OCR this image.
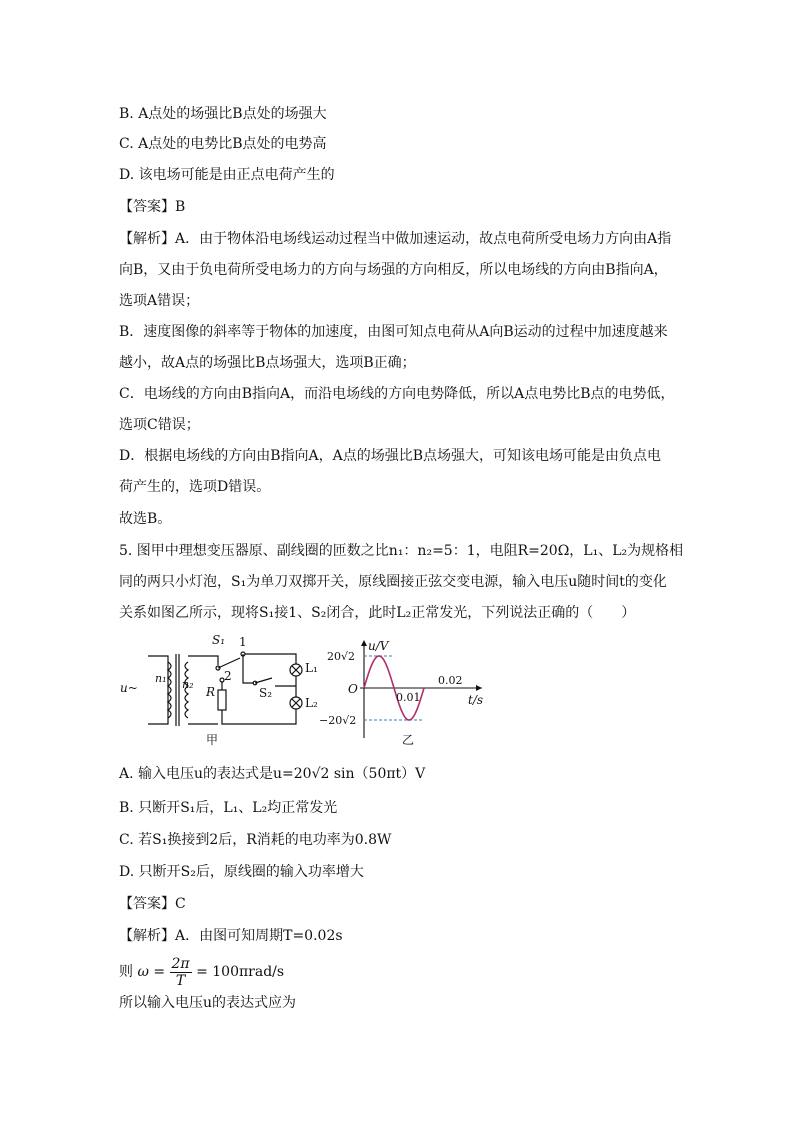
B. A点处的场强比B点处的场强大
C. A点处的电势比B点处的电势高
D. 该电场可能是由正点电荷产生的
【答案】B
【解析】A．由于物体沿电场线运动过程当中做加速运动，故点电荷所受电场力方向由A指
向B，又由于负电荷所受电场力的方向与场强的方向相反，所以电场线的方向由B指向A，
选项A错误；
B．速度图像的斜率等于物体的加速度，由图可知点电荷从A向B运动的过程中加速度越来
越小，故A点的场强比B点场强大，选项B正确；
C．电场线的方向由B指向A，而沿电场线的方向电势降低，所以A点电势比B点的电势低，
选项C错误；
D．根据电场线的方向由B指向A，A点的场强比B点场强大，可知该电场可能是由负点电
荷产生的，选项D错误。
故选B。
5. 图甲中理想变压器原、副线圈的匝数之比n₁：n₂=5：1，电阻R=20Ω，L₁、L₂为规格相
同的两只小灯泡，S₁为单刀双掷开关，原线圈接正弦交变电源，输入电压u随时间t的变化
关系如图乙所示，现将S₁接1、S₂闭合，此时L₂正常发光，下列说法正确的（　　）
S₁ 1
2
L₁
L₂
n₁ n₂
R	S₂
u~
甲
u/V
t/s
O
20√2
−20√2
0.01
0.02
乙
A. 输入电压u的表达式是u=20√2 sin（50πt）V
B. 只断开S₁后，L₁、L₂均正常发光
C. 若S₁换接到2后，R消耗的电功率为0.8W
D. 只断开S₂后，原线圈的输入功率增大
【答案】C
【解析】A．由图可知周期T=0.02s
则 $\omega = \frac{2\pi}{T} = 100\pi rad/s$
所以输入电压u的表达式应为
